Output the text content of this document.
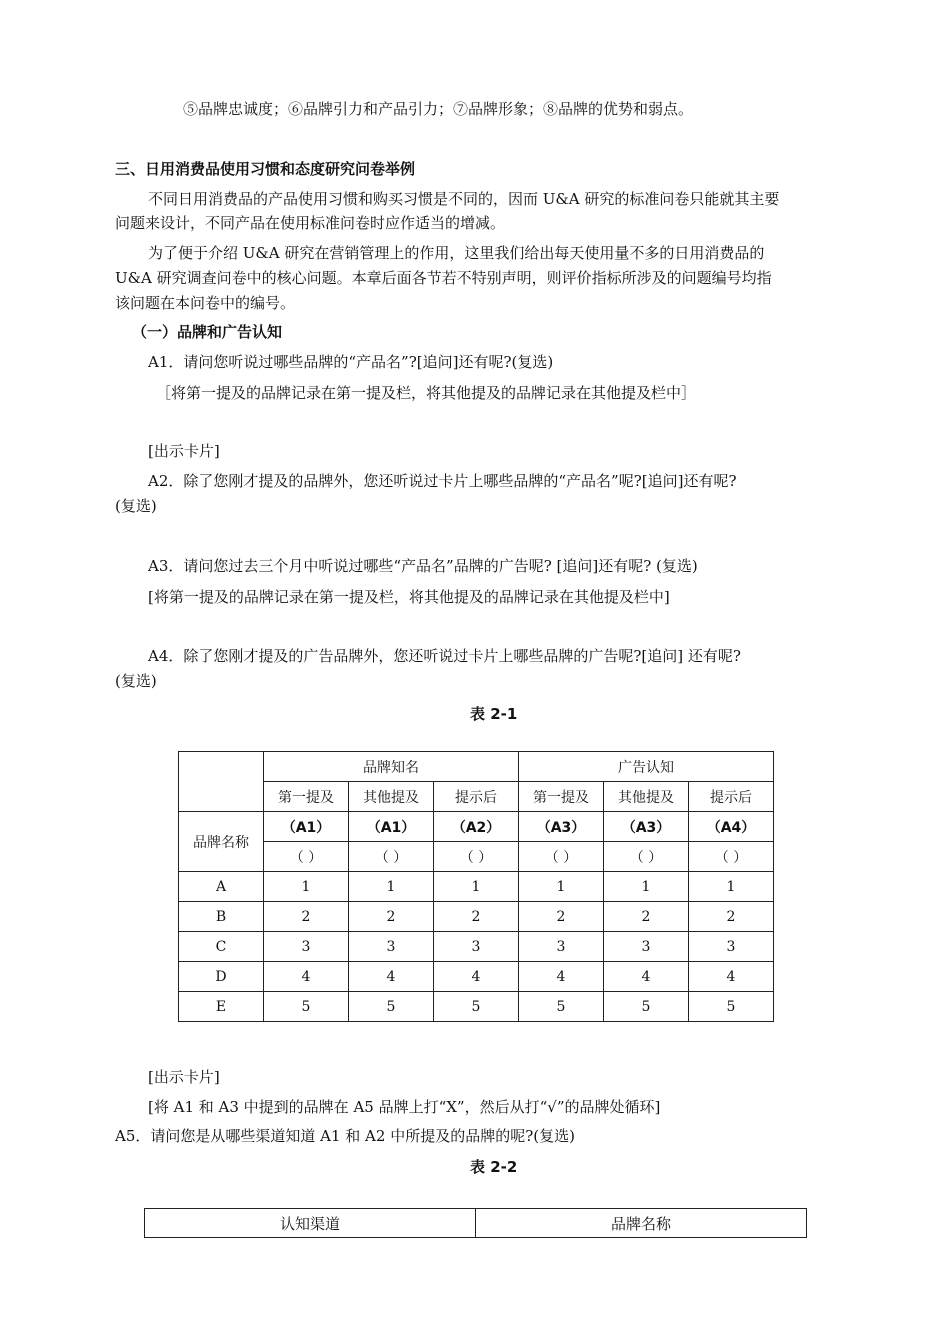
⑤品牌忠诚度；⑥品牌引力和产品引力；⑦品牌形象；⑧品牌的优势和弱点。
三、日用消费品使用习惯和态度研究问卷举例
不同日用消费品的产品使用习惯和购买习惯是不同的，因而 U&A 研究的标准问卷只能就其主要
问题来设计，不同产品在使用标准问卷时应作适当的增减。
为了便于介绍 U&A 研究在营销管理上的作用，这里我们给出每天使用量不多的日用消费品的
U&A 研究调查问卷中的核心问题。本章后面各节若不特别声明，则评价指标所涉及的问题编号均指
该问题在本问卷中的编号。
（一）品牌和广告认知
A1．请问您听说过哪些品牌的“产品名”?[追问]还有呢?(复选)
［将第一提及的品牌记录在第一提及栏，将其他提及的品牌记录在其他提及栏中］
[出示卡片]
A2．除了您刚才提及的品牌外，您还听说过卡片上哪些品牌的“产品名”呢?[追问]还有呢?
(复选)
A3．请问您过去三个月中听说过哪些“产品名”品牌的广告呢? [追问]还有呢? (复选)
[将第一提及的品牌记录在第一提及栏，将其他提及的品牌记录在其他提及栏中]
A4．除了您刚才提及的广告品牌外，您还听说过卡片上哪些品牌的广告呢?[追问] 还有呢?
(复选)
表 2-1
	品牌知名			广告认知		
	第一提及	其他提及	提示后	第一提及	其他提及	提示后
品牌名称	（A1）	（A1）	（A2）	（A3）	（A3）	（A4）
	（ ）	（ ）	（ ）	（ ）	（ ）	（ ）
A	1	1	1	1	1	1
B	2	2	2	2	2	2
C	3	3	3	3	3	3
D	4	4	4	4	4	4
E	5	5	5	5	5	5
[出示卡片]
[将 A1 和 A3 中提到的品牌在 A5 品牌上打“X”，然后从打“√”的品牌处循环]
A5．请问您是从哪些渠道知道 A1 和 A2 中所提及的品牌的呢?(复选)
表 2-2
认知渠道	品牌名称
